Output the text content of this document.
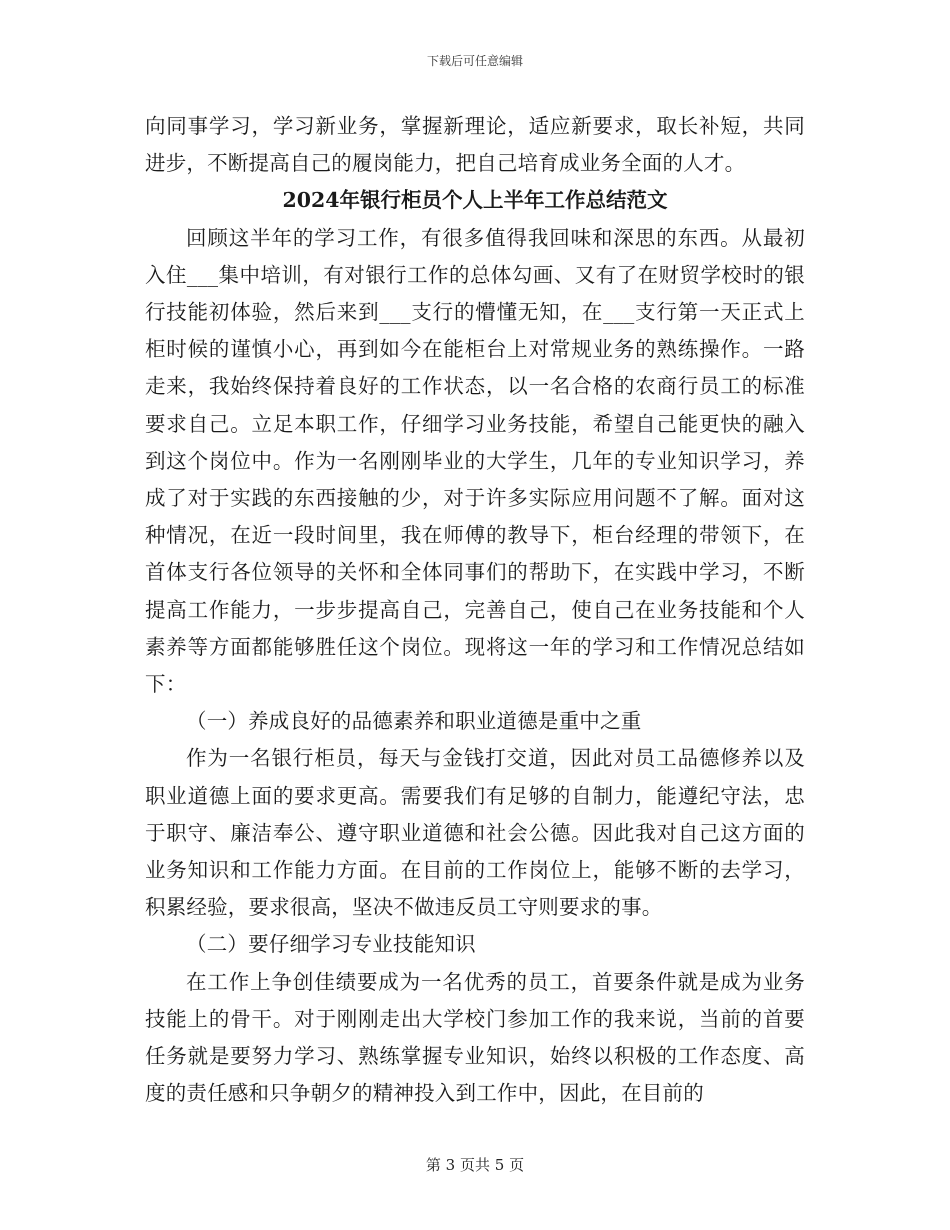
下载后可任意编辑

向同事学习，学习新业务，掌握新理论，适应新要求，取长补短，共同进步，不断提高自己的履岗能力，把自己培育成业务全面的人才。

2024年银行柜员个人上半年工作总结范文

回顾这半年的学习工作，有很多值得我回味和深思的东西。从最初入住___集中培训，有对银行工作的总体勾画、又有了在财贸学校时的银行技能初体验，然后来到___支行的懵懂无知，在___支行第一天正式上柜时候的谨慎小心，再到如今在能柜台上对常规业务的熟练操作。一路走来，我始终保持着良好的工作状态，以一名合格的农商行员工的标准要求自己。立足本职工作，仔细学习业务技能，希望自己能更快的融入到这个岗位中。作为一名刚刚毕业的大学生，几年的专业知识学习，养成了对于实践的东西接触的少，对于许多实际应用问题不了解。面对这种情况，在近一段时间里，我在师傅的教导下，柜台经理的带领下，在首体支行各位领导的关怀和全体同事们的帮助下，在实践中学习，不断提高工作能力，一步步提高自己，完善自己，使自己在业务技能和个人素养等方面都能够胜任这个岗位。现将这一年的学习和工作情况总结如下：

（一）养成良好的品德素养和职业道德是重中之重

作为一名银行柜员，每天与金钱打交道，因此对员工品德修养以及职业道德上面的要求更高。需要我们有足够的自制力，能遵纪守法，忠于职守、廉洁奉公、遵守职业道德和社会公德。因此我对自己这方面的业务知识和工作能力方面。在目前的工作岗位上，能够不断的去学习，积累经验，要求很高，坚决不做违反员工守则要求的事。

（二）要仔细学习专业技能知识

在工作上争创佳绩要成为一名优秀的员工，首要条件就是成为业务技能上的骨干。对于刚刚走出大学校门参加工作的我来说，当前的首要任务就是要努力学习、熟练掌握专业知识，始终以积极的工作态度、高度的责任感和只争朝夕的精神投入到工作中，因此，在目前的

第 3 页共 5 页
